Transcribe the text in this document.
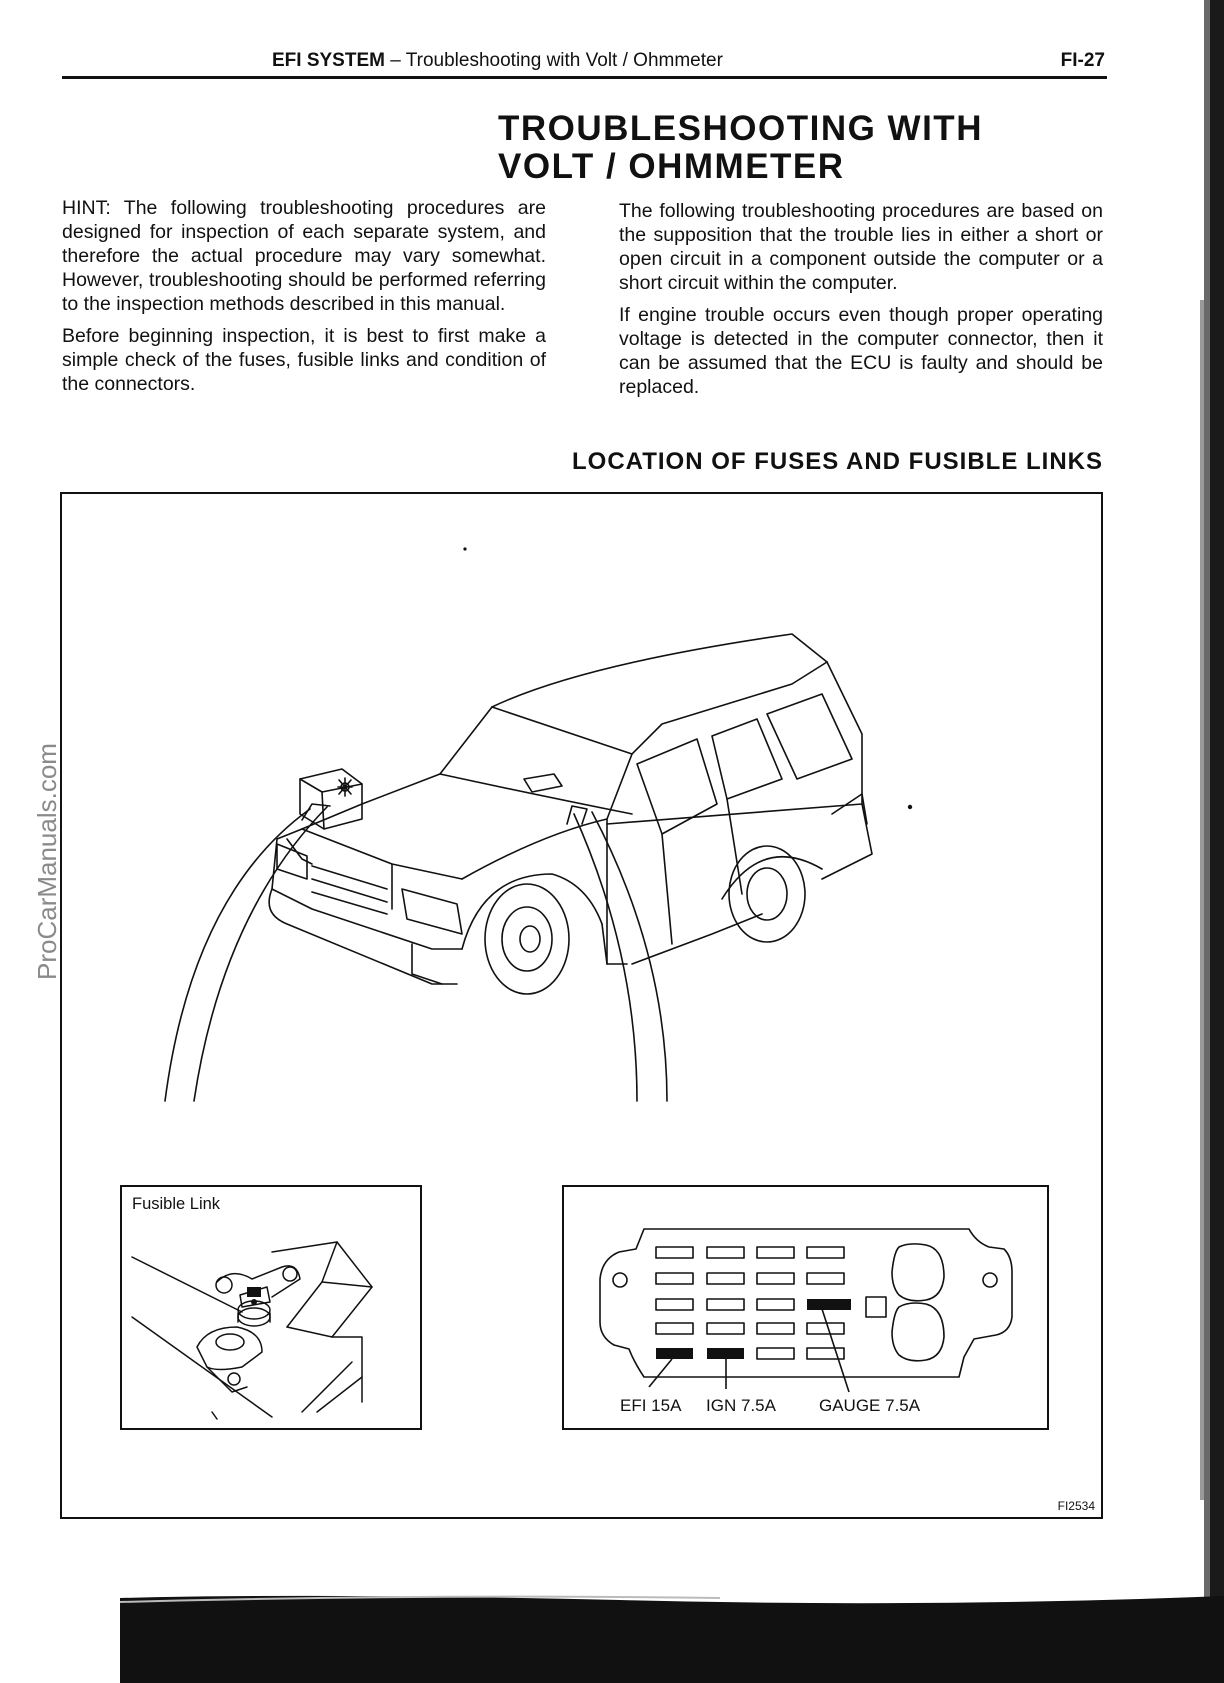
EFI SYSTEM – Troubleshooting with Volt / Ohmmeter	FI-27
TROUBLESHOOTING WITH
VOLT / OHMMETER

HINT: The following troubleshooting procedures are designed for inspection of each separate system, and therefore the actual procedure may vary somewhat. However, troubleshooting should be performed referring to the inspection methods described in this manual.

Before beginning inspection, it is best to first make a simple check of the fuses, fusible links and condition of the connectors.

The following troubleshooting procedures are based on the supposition that the trouble lies in either a short or open circuit in a component outside the computer or a short circuit within the computer.

If engine trouble occurs even though proper operating voltage is detected in the computer connector, then it can be assumed that the ECU is faulty and should be replaced.

LOCATION OF FUSES AND FUSIBLE LINKS
Fusible Link
EFI 15A IGN 7.5A	GAUGE 7.5A
FI2534
ProCarManuals.com
